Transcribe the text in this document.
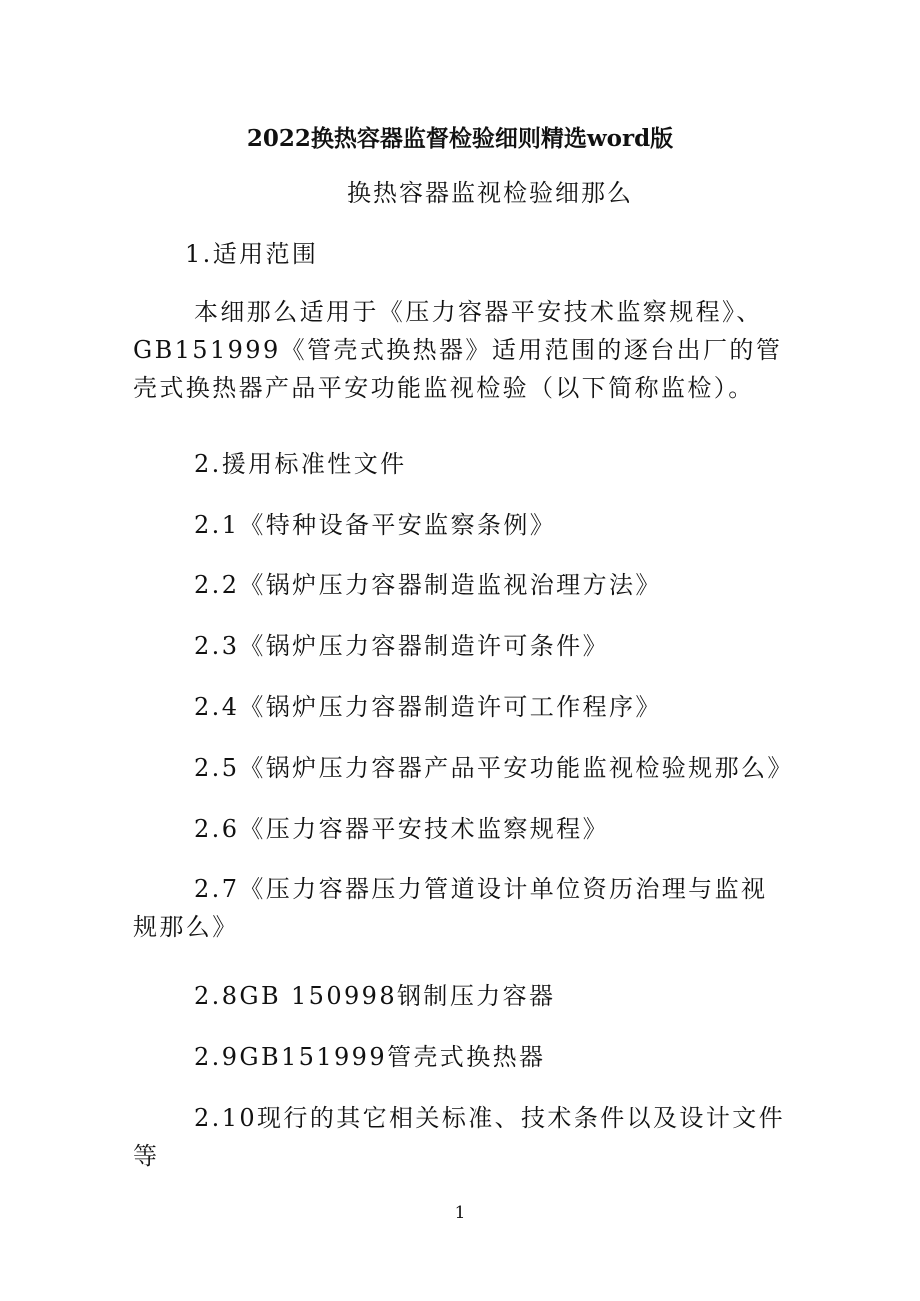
2022换热容器监督检验细则精选word版
换热容器监视检验细那么

1.适用范围

本细那么适用于《压力容器平安技术监察规程》、GB151999《管壳式换热器》适用范围的逐台出厂的管壳式换热器产品平安功能监视检验（以下简称监检）。

2.援用标准性文件

2.1《特种设备平安监察条例》

2.2《锅炉压力容器制造监视治理方法》

2.3《锅炉压力容器制造许可条件》

2.4《锅炉压力容器制造许可工作程序》

2.5《锅炉压力容器产品平安功能监视检验规那么》

2.6《压力容器平安技术监察规程》

2.7《压力容器压力管道设计单位资历治理与监视规那么》

2.8GB 150998钢制压力容器

2.9GB151999管壳式换热器

2.10现行的其它相关标准、技术条件以及设计文件等

1
